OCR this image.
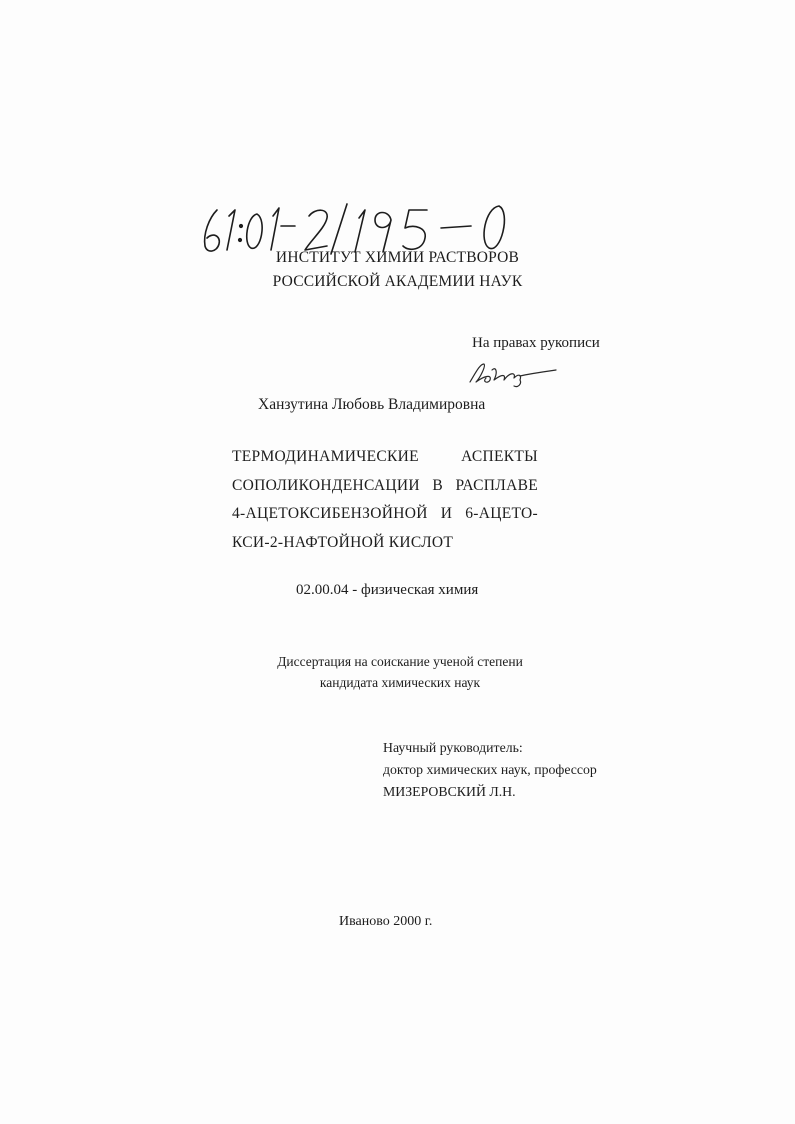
ИНСТИТУТ ХИМИИ РАСТВОРОВ
РОССИЙСКОЙ АКАДЕМИИ НАУК
На правах рукописи
Ханзутина Любовь Владимировна
ТЕРМОДИНАМИЧЕСКИЕ АСПЕКТЫ
СОПОЛИКОНДЕНСАЦИИ В РАСПЛАВЕ
4-АЦЕТОКСИБЕНЗОЙНОЙ И 6-АЦЕТО-
КСИ-2-НАФТОЙНОЙ КИСЛОТ
02.00.04 - физическая химия
Диссертация на соискание ученой степени
кандидата химических наук
Научный руководитель:
доктор химических наук, профессор
МИЗЕРОВСКИЙ Л.Н.
Иваново 2000 г.
